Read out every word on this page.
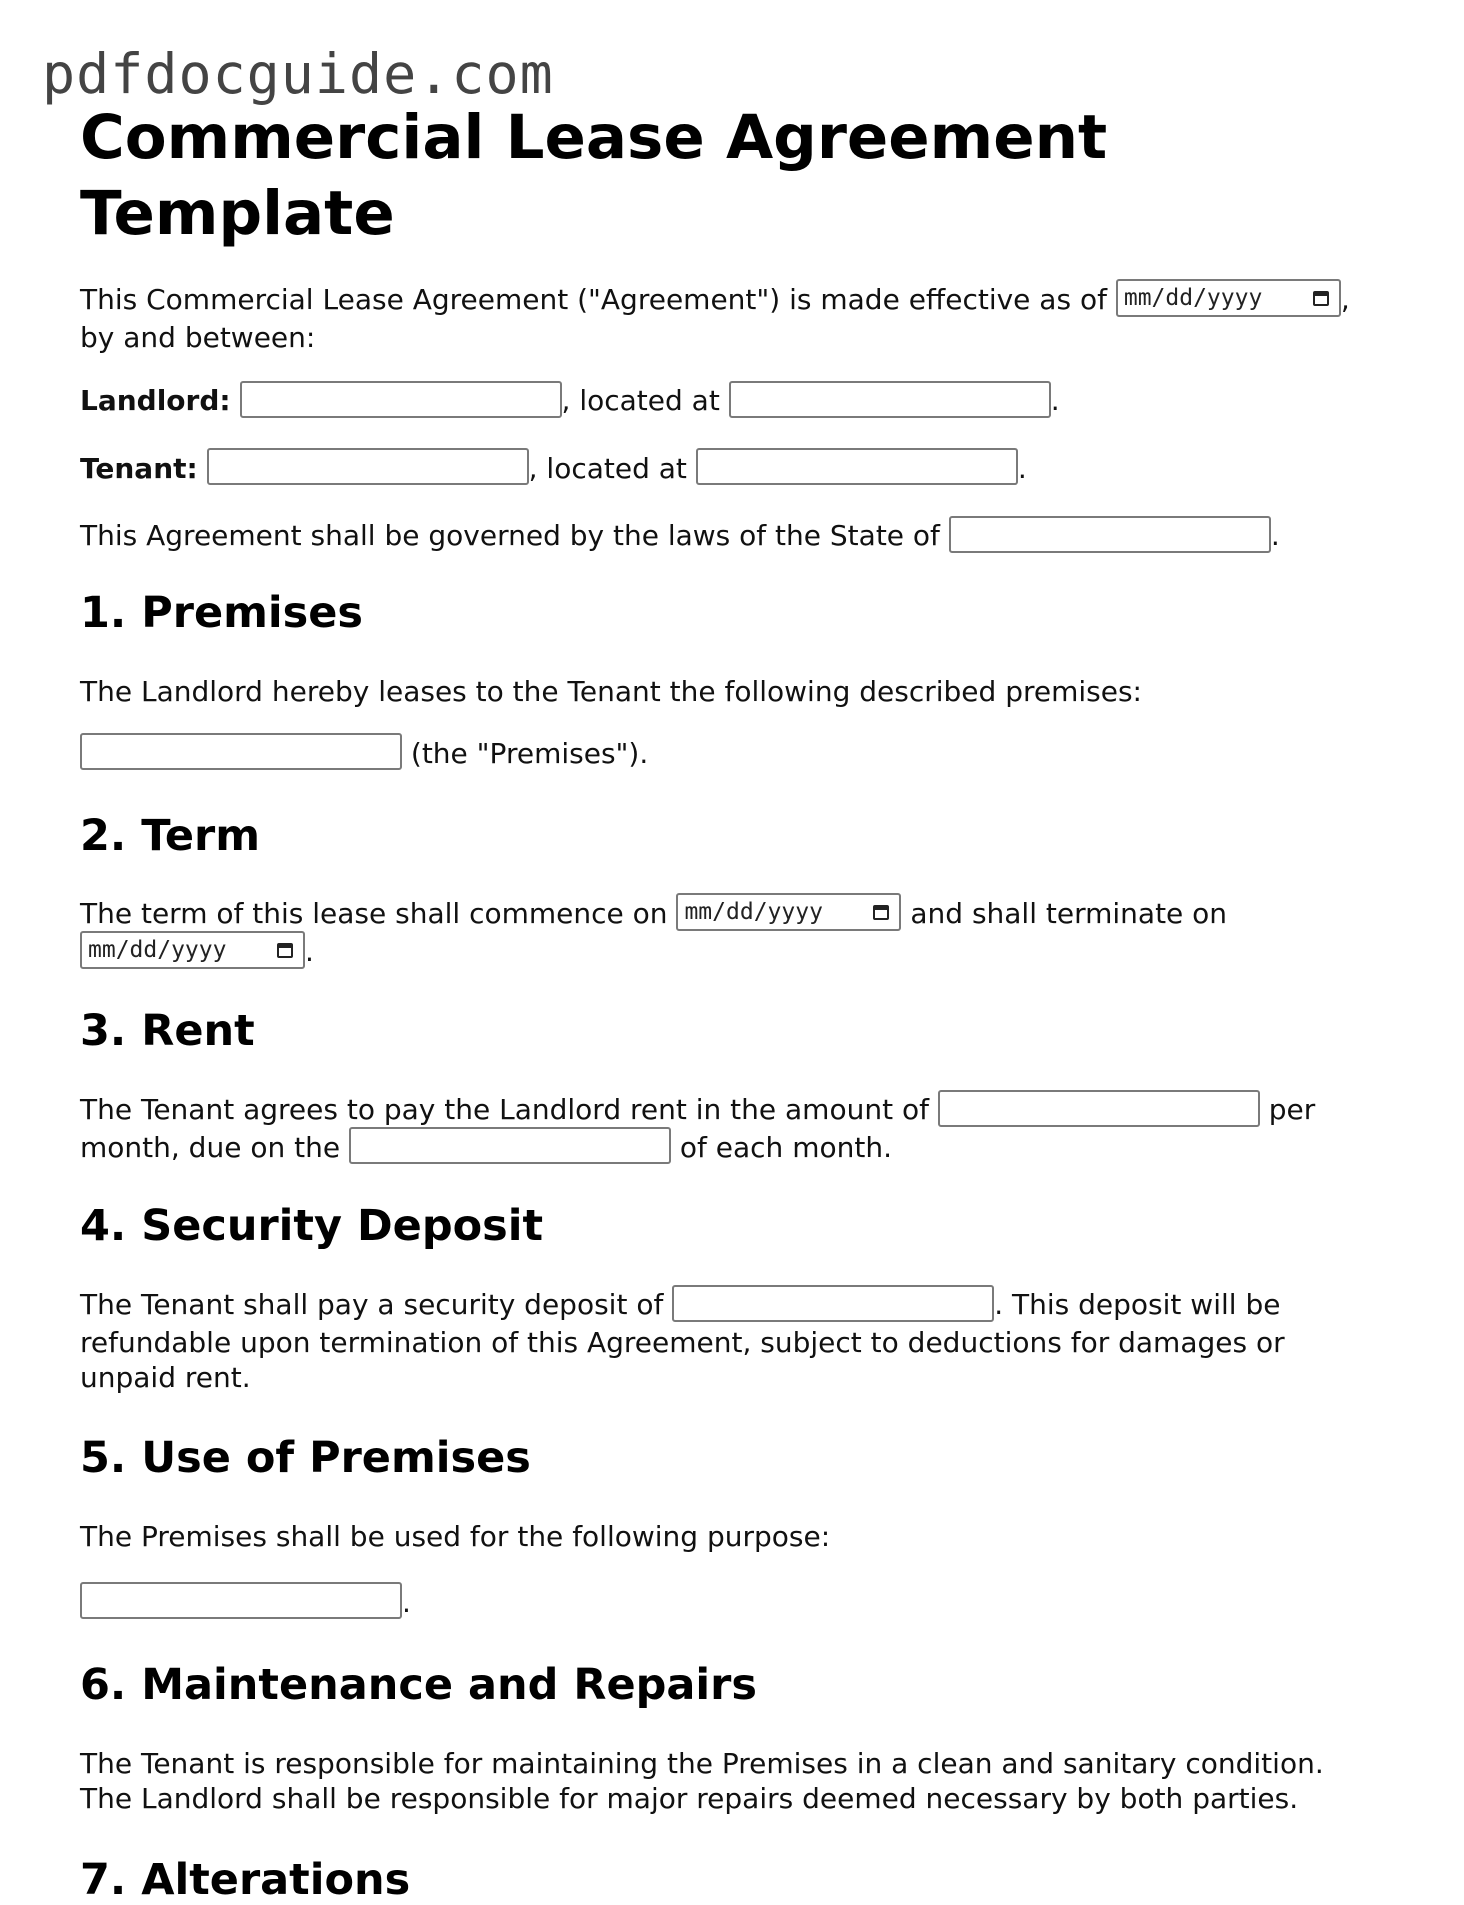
pdfdocguide.com
Commercial Lease Agreement Template

This Commercial Lease Agreement ("Agreement") is made effective as of mm/dd/yyyy	,
by and between:

Landlord:	, located at	.

Tenant:	, located at	.

This Agreement shall be governed by the laws of the State of	.

1. Premises

The Landlord hereby leases to the Tenant the following described premises:

(the "Premises").

2. Term

The term of this lease shall commence on mm/dd/yyyy	and shall terminate on

mm/dd/yyyy	.

3. Rent

The Tenant agrees to pay the Landlord rent in the amount of	per
month, due on the	of each month.

4. Security Deposit

The Tenant shall pay a security deposit of	. This deposit will be
refundable upon termination of this Agreement, subject to deductions for damages or
unpaid rent.

5. Use of Premises

The Premises shall be used for the following purpose:

.

6. Maintenance and Repairs

The Tenant is responsible for maintaining the Premises in a clean and sanitary condition.
The Landlord shall be responsible for major repairs deemed necessary by both parties.

7. Alterations
